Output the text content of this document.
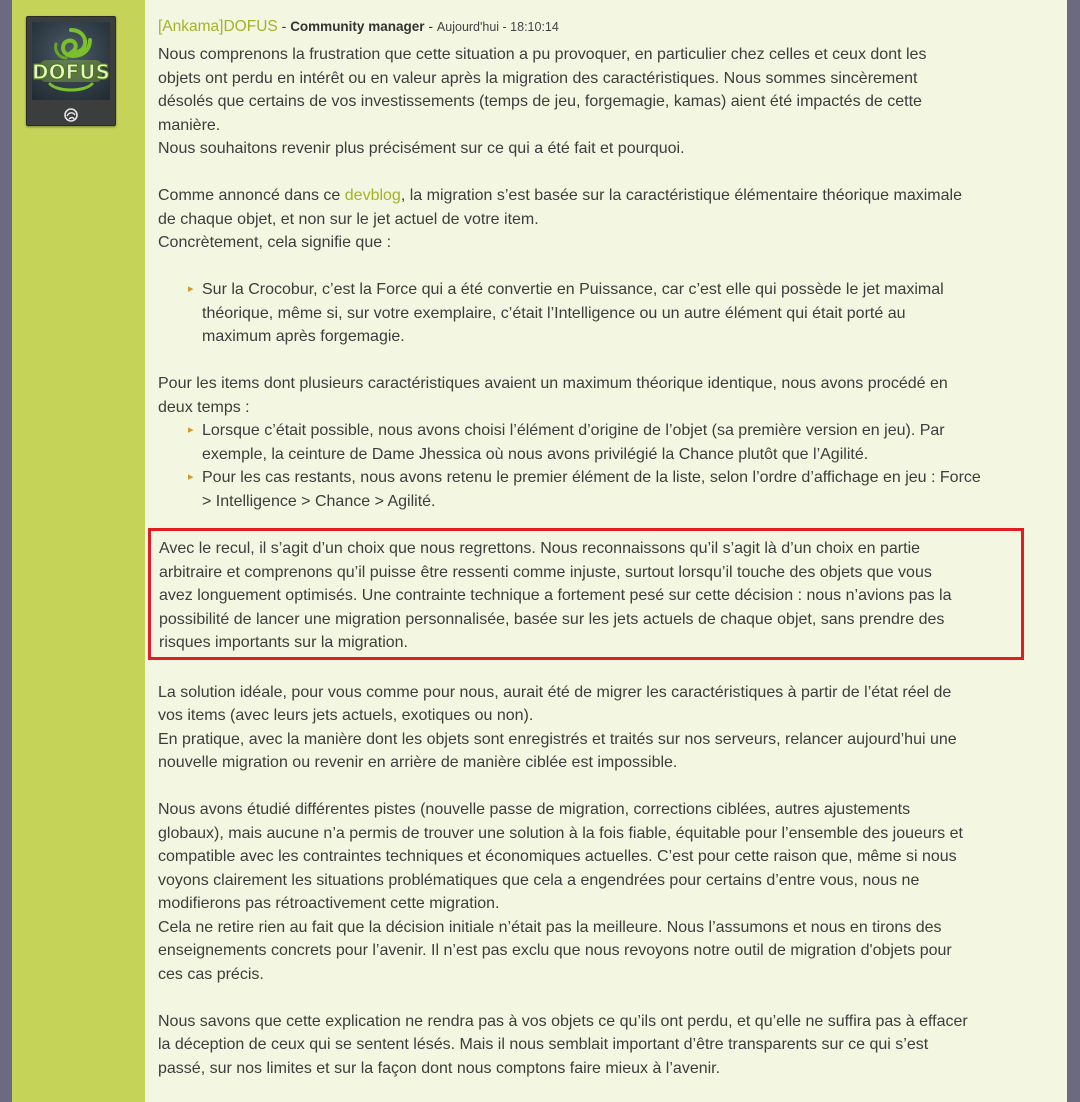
DOFUS
[Ankama]DOFUS - Community manager - Aujourd'hui - 18:10:14

Nous comprenons la frustration que cette situation a pu provoquer, en particulier chez celles et ceux dont les
objets ont perdu en intérêt ou en valeur après la migration des caractéristiques. Nous sommes sincèrement
désolés que certains de vos investissements (temps de jeu, forgemagie, kamas) aient été impactés de cette
manière.
Nous souhaitons revenir plus précisément sur ce qui a été fait et pourquoi.

Comme annoncé dans ce devblog, la migration s’est basée sur la caractéristique élémentaire théorique maximale
de chaque objet, et non sur le jet actuel de votre item.
Concrètement, cela signifie que :

▸ Sur la Crocobur, c’est la Force qui a été convertie en Puissance, car c’est elle qui possède le jet maximal
théorique, même si, sur votre exemplaire, c’était l’Intelligence ou un autre élément qui était porté au
maximum après forgemagie.

Pour les items dont plusieurs caractéristiques avaient un maximum théorique identique, nous avons procédé en
deux temps :

▸ Lorsque c’était possible, nous avons choisi l’élément d’origine de l’objet (sa première version en jeu). Par
exemple, la ceinture de Dame Jhessica où nous avons privilégié la Chance plutôt que l’Agilité.
▸ Pour les cas restants, nous avons retenu le premier élément de la liste, selon l’ordre d’affichage en jeu : Force
> Intelligence > Chance > Agilité.
Avec le recul, il s’agit d’un choix que nous regrettons. Nous reconnaissons qu’il s’agit là d’un choix en partie
arbitraire et comprenons qu’il puisse être ressenti comme injuste, surtout lorsqu’il touche des objets que vous
avez longuement optimisés. Une contrainte technique a fortement pesé sur cette décision : nous n’avions pas la
possibilité de lancer une migration personnalisée, basée sur les jets actuels de chaque objet, sans prendre des
risques importants sur la migration.

La solution idéale, pour vous comme pour nous, aurait été de migrer les caractéristiques à partir de l’état réel de
vos items (avec leurs jets actuels, exotiques ou non).
En pratique, avec la manière dont les objets sont enregistrés et traités sur nos serveurs, relancer aujourd’hui une
nouvelle migration ou revenir en arrière de manière ciblée est impossible.

Nous avons étudié différentes pistes (nouvelle passe de migration, corrections ciblées, autres ajustements
globaux), mais aucune n’a permis de trouver une solution à la fois fiable, équitable pour l’ensemble des joueurs et
compatible avec les contraintes techniques et économiques actuelles. C’est pour cette raison que, même si nous
voyons clairement les situations problématiques que cela a engendrées pour certains d’entre vous, nous ne
modifierons pas rétroactivement cette migration.
Cela ne retire rien au fait que la décision initiale n’était pas la meilleure. Nous l’assumons et nous en tirons des
enseignements concrets pour l’avenir. Il n’est pas exclu que nous revoyons notre outil de migration d'objets pour
ces cas précis.

Nous savons que cette explication ne rendra pas à vos objets ce qu’ils ont perdu, et qu’elle ne suffira pas à effacer
la déception de ceux qui se sentent lésés. Mais il nous semblait important d’être transparents sur ce qui s’est
passé, sur nos limites et sur la façon dont nous comptons faire mieux à l’avenir.
